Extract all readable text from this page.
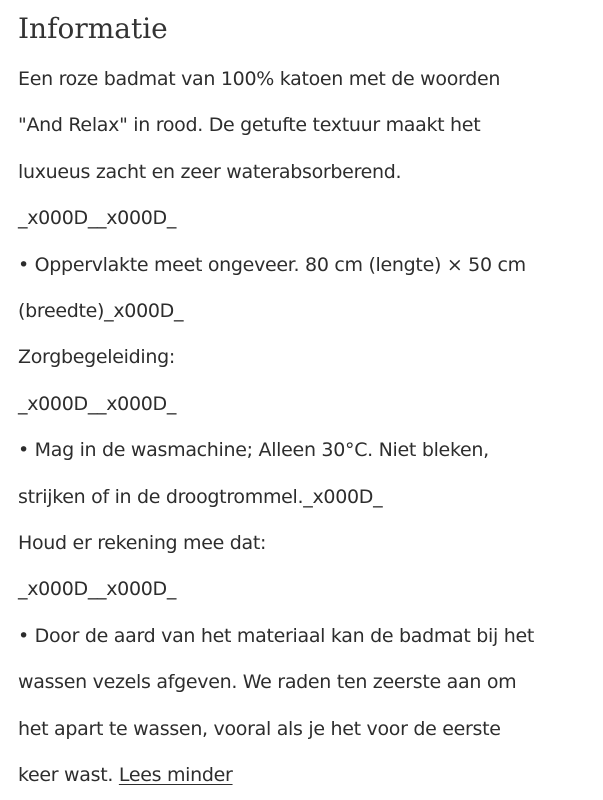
Informatie
Een roze badmat van 100% katoen met de woorden
"And Relax" in rood. De getufte textuur maakt het
luxueus zacht en zeer waterabsorberend.
_x000D__x000D_
• Oppervlakte meet ongeveer. 80 cm (lengte) × 50 cm
(breedte)_x000D_
Zorgbegeleiding:
_x000D__x000D_
• Mag in de wasmachine; Alleen 30°C. Niet bleken,
strijken of in de droogtrommel._x000D_
Houd er rekening mee dat:
_x000D__x000D_
• Door de aard van het materiaal kan de badmat bij het
wassen vezels afgeven. We raden ten zeerste aan om
het apart te wassen, vooral als je het voor de eerste
keer wast. Lees minder
